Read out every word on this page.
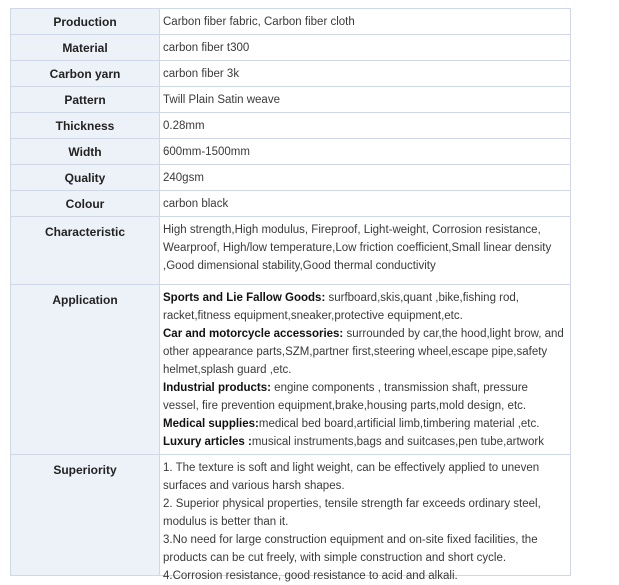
Production	Carbon fiber fabric, Carbon fiber cloth
Material	carbon fiber t300
Carbon yarn	carbon fiber 3k
Pattern	Twill Plain Satin weave
Thickness	0.28mm
Width	600mm-1500mm
Quality	240gsm
Colour	carbon black
Characteristic	High strength,High modulus, Fireproof, Light-weight, Corrosion resistance, Wearproof, High/low temperature,Low friction coefficient,Small linear density ,Good dimensional stability,Good thermal conductivity

Application	Sports and Lie Fallow Goods: surfboard,skis,quant ,bike,fishing rod, racket,fitness equipment,sneaker,protective equipment,etc.
Car and motorcycle accessories: surrounded by car,the hood,light brow, and other appearance parts,SZM,partner first,steering wheel,escape pipe,safety helmet,splash guard ,etc.
Industrial products: engine components , transmission shaft, pressure vessel, fire prevention equipment,brake,housing parts,mold design, etc.
Medical supplies:medical bed board,artificial limb,timbering material ,etc.
Luxury articles :musical instruments,bags and suitcases,pen tube,artwork

Superiority	1. The texture is soft and light weight, can be effectively applied to uneven surfaces and various harsh shapes.
2. Superior physical properties, tensile strength far exceeds ordinary steel, modulus is better than it.
3.No need for large construction equipment and on-site fixed facilities, the products can be cut freely, with simple construction and short cycle.
4.Corrosion resistance, good resistance to acid and alkali.
